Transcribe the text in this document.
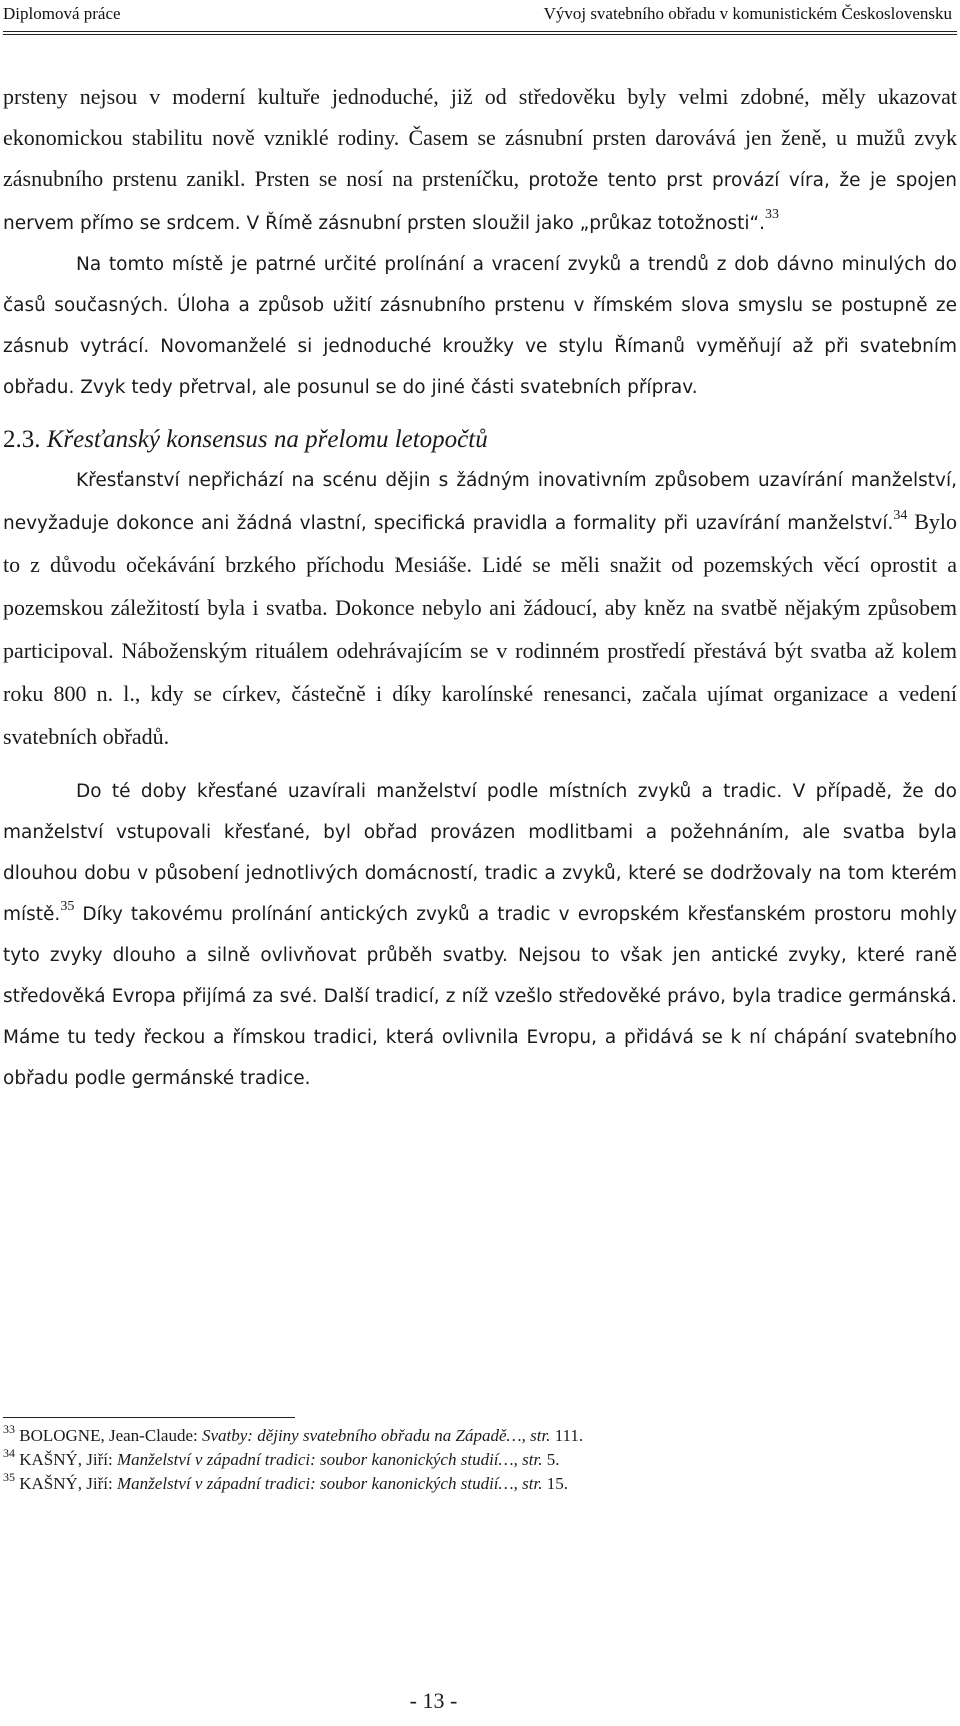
Diplomová práce	Vývoj svatebního obřadu v komunistickém Československu

prsteny nejsou v moderní kultuře jednoduché, již od středověku byly velmi zdobné, měly ukazovat ekonomickou stabilitu nově vzniklé rodiny. Časem se zásnubní prsten darovává jen ženě, u mužů zvyk zásnubního prstenu zanikl. Prsten se nosí na prsteníčku, protože tento prst provází víra, že je spojen nervem přímo se srdcem. V Římě zásnubní prsten sloužil jako „průkaz totožnosti“.$^{33}$

Na tomto místě je patrné určité prolínání a vracení zvyků a trendů z dob dávno minulých do časů současných. Úloha a způsob užití zásnubního prstenu v římském slova smyslu se postupně ze zásnub vytrácí. Novomanželé si jednoduché kroužky ve stylu Římanů vyměňují až při svatebním obřadu. Zvyk tedy přetrval, ale posunul se do jiné části svatebních příprav.

2.3. Křesťanský konsensus na přelomu letopočtů

Křesťanství nepřichází na scénu dějin s žádným inovativním způsobem uzavírání manželství, nevyžaduje dokonce ani žádná vlastní, specifická pravidla a formality při uzavírání manželství.$^{34}$ Bylo to z důvodu očekávání brzkého příchodu Mesiáše. Lidé se měli snažit od pozemských věcí oprostit a pozemskou záležitostí byla i svatba. Dokonce nebylo ani žádoucí, aby kněz na svatbě nějakým způsobem participoval. Náboženským rituálem odehrávajícím se v rodinném prostředí přestává být svatba až kolem roku 800 n. l., kdy se církev, částečně i díky karolínské renesanci, začala ujímat organizace a vedení svatebních obřadů.

Do té doby křesťané uzavírali manželství podle místních zvyků a tradic. V případě, že do manželství vstupovali křesťané, byl obřad provázen modlitbami a požehnáním, ale svatba byla dlouhou dobu v působení jednotlivých domácností, tradic a zvyků, které se dodržovaly na tom kterém místě.$^{35}$ Díky takovému prolínání antických zvyků a tradic v evropském křesťanském prostoru mohly tyto zvyky dlouho a silně ovlivňovat průběh svatby. Nejsou to však jen antické zvyky, které raně středověká Evropa přijímá za své. Další tradicí, z níž vzešlo středověké právo, byla tradice germánská. Máme tu tedy řeckou a římskou tradici, která ovlivnila Evropu, a přidává se k ní chápání svatebního obřadu podle germánské tradice.

$^{33}$ BOLOGNE, Jean-Claude: Svatby: dějiny svatebního obřadu na Západě…, str. 111.
$^{34}$ KAŠNÝ, Jiří: Manželství v západní tradici: soubor kanonických studií…, str. 5.
$^{35}$ KAŠNÝ, Jiří: Manželství v západní tradici: soubor kanonických studií…, str. 15.
- 13 -
